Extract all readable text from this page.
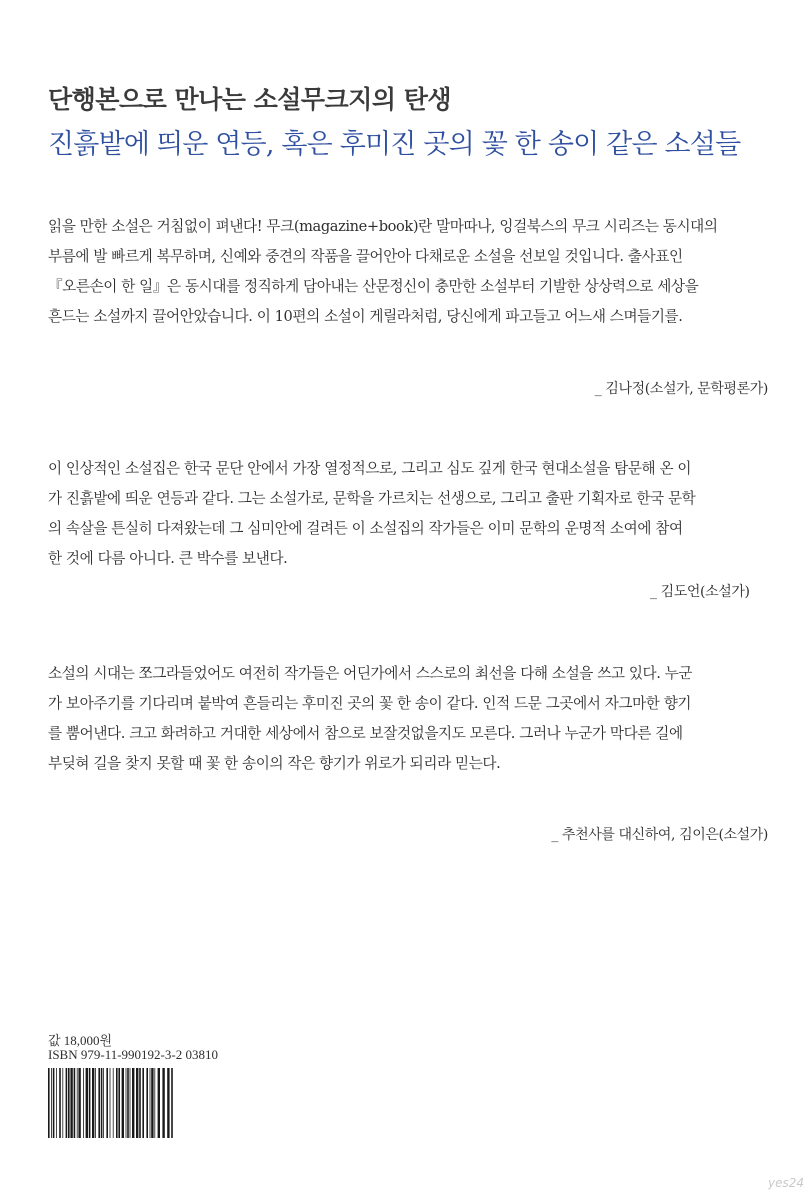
단행본으로 만나는 소설무크지의 탄생
진흙밭에 띄운 연등, 혹은 후미진 곳의 꽃 한 송이 같은 소설들
읽을 만한 소설은 거침없이 펴낸다! 무크(magazine+book)란 말마따나, 잉걸북스의 무크 시리즈는 동시대의
부름에 발 빠르게 복무하며, 신예와 중견의 작품을 끌어안아 다채로운 소설을 선보일 것입니다. 출사표인
『오른손이 한 일』은 동시대를 정직하게 담아내는 산문정신이 충만한 소설부터 기발한 상상력으로 세상을
흔드는 소설까지 끌어안았습니다. 이 10편의 소설이 게릴라처럼, 당신에게 파고들고 어느새 스며들기를.
_ 김나정(소설가, 문학평론가)
이 인상적인 소설집은 한국 문단 안에서 가장 열정적으로, 그리고 심도 깊게 한국 현대소설을 탐문해 온 이
가 진흙밭에 띄운 연등과 같다. 그는 소설가로, 문학을 가르치는 선생으로, 그리고 출판 기획자로 한국 문학
의 속살을 튼실히 다져왔는데 그 심미안에 걸려든 이 소설집의 작가들은 이미 문학의 운명적 소여에 참여
한 것에 다름 아니다. 큰 박수를 보낸다.
_ 김도언(소설가)
소설의 시대는 쪼그라들었어도 여전히 작가들은 어딘가에서 스스로의 최선을 다해 소설을 쓰고 있다. 누군
가 보아주기를 기다리며 붙박여 흔들리는 후미진 곳의 꽃 한 송이 같다. 인적 드문 그곳에서 자그마한 향기
를 뿜어낸다. 크고 화려하고 거대한 세상에서 참으로 보잘것없을지도 모른다. 그러나 누군가 막다른 길에
부딪혀 길을 찾지 못할 때 꽃 한 송이의 작은 향기가 위로가 되리라 믿는다.
_ 추천사를 대신하여, 김이은(소설가)
값 18,000원
ISBN 979-11-990192-3-2 03810
yes24
